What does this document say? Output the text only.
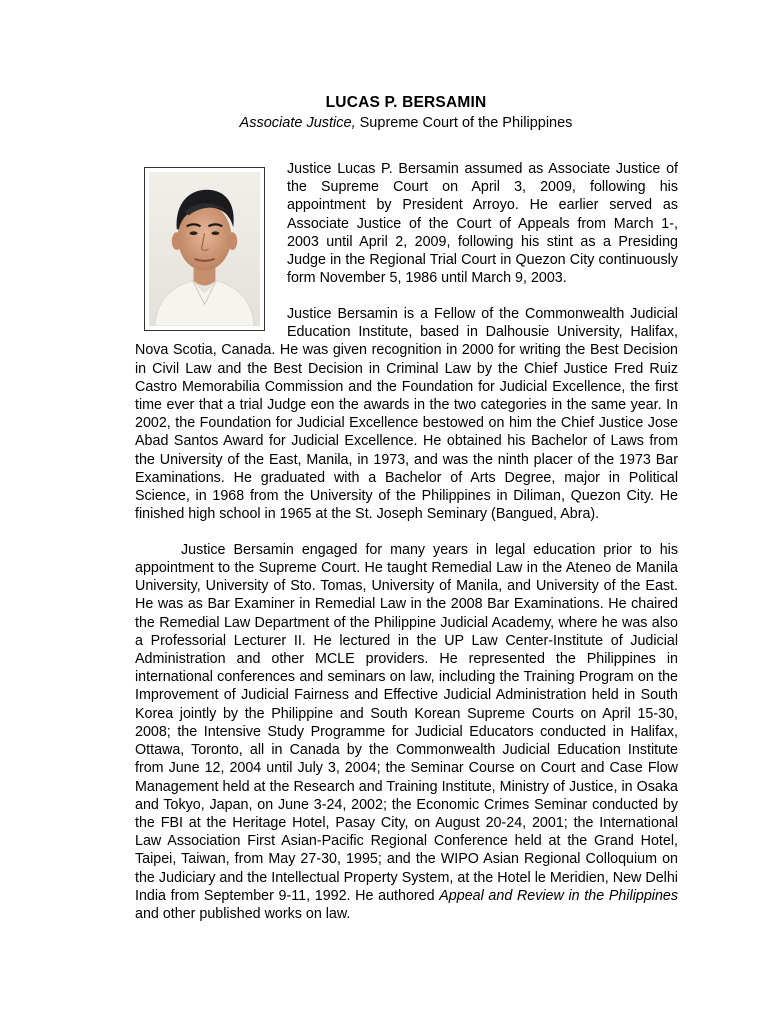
LUCAS P. BERSAMIN
Associate Justice, Supreme Court of the Philippines

Justice Lucas P. Bersamin assumed as Associate Justice of the Supreme Court on April 3, 2009, following his appointment by President Arroyo. He earlier served as Associate Justice of the Court of Appeals from March 1-, 2003 until April 2, 2009, following his stint as a Presiding Judge in the Regional Trial Court in Quezon City continuously form November 5, 1986 until March 9, 2003.

Justice Bersamin is a Fellow of the Commonwealth Judicial Education Institute, based in Dalhousie University, Halifax, Nova Scotia, Canada. He was given recognition in 2000 for writing the Best Decision in Civil Law and the Best Decision in Criminal Law by the Chief Justice Fred Ruiz Castro Memorabilia Commission and the Foundation for Judicial Excellence, the first time ever that a trial Judge eon the awards in the two categories in the same year. In 2002, the Foundation for Judicial Excellence bestowed on him the Chief Justice Jose Abad Santos Award for Judicial Excellence. He obtained his Bachelor of Laws from the University of the East, Manila, in 1973, and was the ninth placer of the 1973 Bar Examinations. He graduated with a Bachelor of Arts Degree, major in Political Science, in 1968 from the University of the Philippines in Diliman, Quezon City. He finished high school in 1965 at the St. Joseph Seminary (Bangued, Abra).

Justice Bersamin engaged for many years in legal education prior to his appointment to the Supreme Court. He taught Remedial Law in the Ateneo de Manila University, University of Sto. Tomas, University of Manila, and University of the East. He was as Bar Examiner in Remedial Law in the 2008 Bar Examinations. He chaired the Remedial Law Department of the Philippine Judicial Academy, where he was also a Professorial Lecturer II. He lectured in the UP Law Center-Institute of Judicial Administration and other MCLE providers. He represented the Philippines in international conferences and seminars on law, including the Training Program on the Improvement of Judicial Fairness and Effective Judicial Administration held in South Korea jointly by the Philippine and South Korean Supreme Courts on April 15-30, 2008; the Intensive Study Programme for Judicial Educators conducted in Halifax, Ottawa, Toronto, all in Canada by the Commonwealth Judicial Education Institute from June 12, 2004 until July 3, 2004; the Seminar Course on Court and Case Flow Management held at the Research and Training Institute, Ministry of Justice, in Osaka and Tokyo, Japan, on June 3-24, 2002; the Economic Crimes Seminar conducted by the FBI at the Heritage Hotel, Pasay City, on August 20-24, 2001; the International Law Association First Asian-Pacific Regional Conference held at the Grand Hotel, Taipei, Taiwan, from May 27-30, 1995; and the WIPO Asian Regional Colloquium on the Judiciary and the Intellectual Property System, at the Hotel le Meridien, New Delhi India from September 9-11, 1992. He authored Appeal and Review in the Philippines and other published works on law.
